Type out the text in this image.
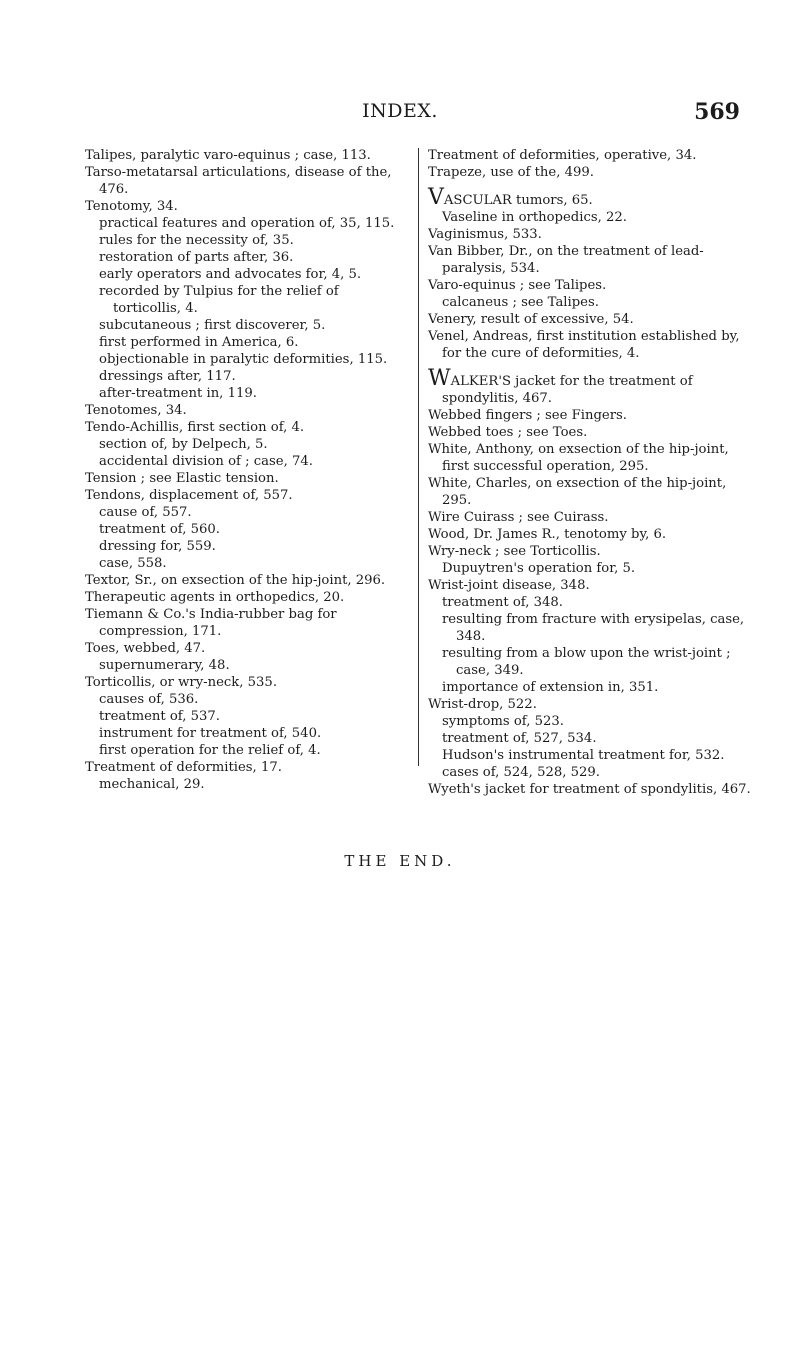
INDEX.	569

Talipes, paralytic varo-equinus ; case, 113.

Tarso-metatarsal articulations, disease of the, 476.

Tenotomy, 34.

practical features and operation of, 35, 115.

rules for the necessity of, 35.

restoration of parts after, 36.

early operators and advocates for, 4, 5.

recorded by Tulpius for the relief of torticollis, 4.

subcutaneous ; first discoverer, 5.

first performed in America, 6.

objectionable in paralytic deformities, 115.

dressings after, 117.

after-treatment in, 119.

Tenotomes, 34.

Tendo-Achillis, first section of, 4.

section of, by Delpech, 5.

accidental division of ; case, 74.

Tension ; see Elastic tension.

Tendons, displacement of, 557.

cause of, 557.

treatment of, 560.

dressing for, 559.

case, 558.

Textor, Sr., on exsection of the hip-joint, 296.

Therapeutic agents in orthopedics, 20.

Tiemann & Co.'s India-rubber bag for compression, 171.

Toes, webbed, 47.

supernumerary, 48.

Torticollis, or wry-neck, 535.

causes of, 536.

treatment of, 537.

instrument for treatment of, 540.

first operation for the relief of, 4.

Treatment of deformities, 17.

mechanical, 29.

Treatment of deformities, operative, 34.

Trapeze, use of the, 499.

VASCULAR tumors, 65.

Vaseline in orthopedics, 22.

Vaginismus, 533.

Van Bibber, Dr., on the treatment of lead-paralysis, 534.

Varo-equinus ; see Talipes.

calcaneus ; see Talipes.

Venery, result of excessive, 54.

Venel, Andreas, first institution established by, for the cure of deformities, 4.

WALKER'S jacket for the treatment of spondylitis, 467.

Webbed fingers ; see Fingers.

Webbed toes ; see Toes.

White, Anthony, on exsection of the hip-joint, first successful operation, 295.

White, Charles, on exsection of the hip-joint, 295.

Wire Cuirass ; see Cuirass.

Wood, Dr. James R., tenotomy by, 6.

Wry-neck ; see Torticollis.

Dupuytren's operation for, 5.

Wrist-joint disease, 348.

treatment of, 348.

resulting from fracture with erysipelas, case, 348.

resulting from a blow upon the wrist-joint ; case, 349.

importance of extension in, 351.

Wrist-drop, 522.

symptoms of, 523.

treatment of, 527, 534.

Hudson's instrumental treatment for, 532.

cases of, 524, 528, 529.

Wyeth's jacket for treatment of spondylitis, 467.

THE END.
